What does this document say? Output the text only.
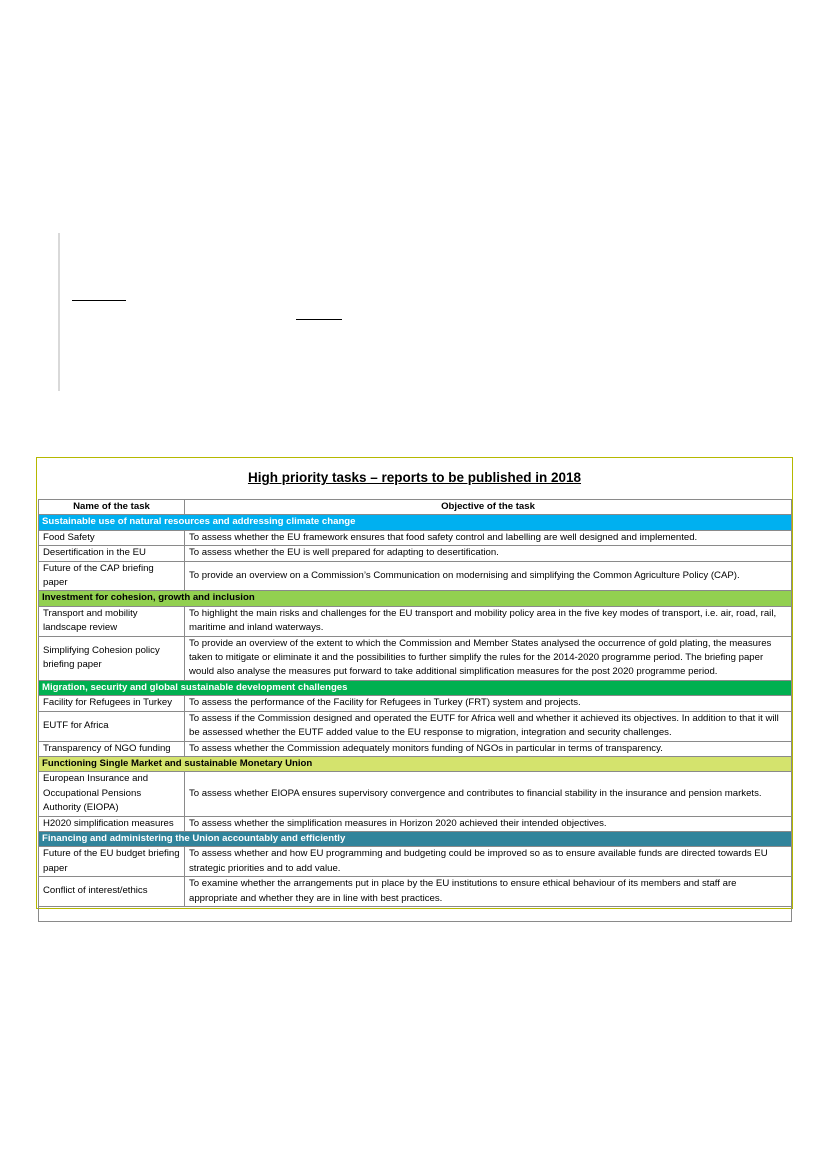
High priority tasks – reports to be published in 2018
Name of the task	Objective of the task
Sustainable use of natural resources and addressing climate change	
Food Safety	To assess whether the EU framework ensures that food safety control and labelling are well designed and implemented.
Desertification in the EU	To assess whether the EU is well prepared for adapting to desertification.
Future of the CAP briefing paper	To provide an overview on a Commission’s Communication on modernising and simplifying the Common Agriculture Policy (CAP).
Investment for cohesion, growth and inclusion	
Transport and mobility landscape review	To highlight the main risks and challenges for the EU transport and mobility policy area in the five key modes of transport, i.e. air, road, rail, maritime and inland waterways.
Simplifying Cohesion policy briefing paper	To provide an overview of the extent to which the Commission and Member States analysed the occurrence of gold plating, the measures taken to mitigate or eliminate it and the possibilities to further simplify the rules for the 2014-2020 programme period. The briefing paper would also analyse the measures put forward to take additional simplification measures for the post 2020 programme period.
Migration, security and global sustainable development challenges	
Facility for Refugees in Turkey	To assess the performance of the Facility for Refugees in Turkey (FRT) system and projects.
EUTF for Africa	To assess if the Commission designed and operated the EUTF for Africa well and whether it achieved its objectives. In addition to that it will be assessed whether the EUTF added value to the EU response to migration, integration and security challenges.
Transparency of NGO funding	To assess whether the Commission adequately monitors funding of NGOs in particular in terms of transparency.
Functioning Single Market and sustainable Monetary Union	
European Insurance and Occupational Pensions Authority (EIOPA)	To assess whether EIOPA ensures supervisory convergence and contributes to financial stability in the insurance and pension markets.
H2020 simplification measures	To assess whether the simplification measures in Horizon 2020 achieved their intended objectives.
Financing and administering the Union accountably and efficiently	
Future of the EU budget briefing paper	To assess whether and how EU programming and budgeting could be improved so as to ensure available funds are directed towards EU strategic priorities and to add value.
Conflict of interest/ethics	To examine whether the arrangements put in place by the EU institutions to ensure ethical behaviour of its members and staff are appropriate and whether they are in line with best practices.
